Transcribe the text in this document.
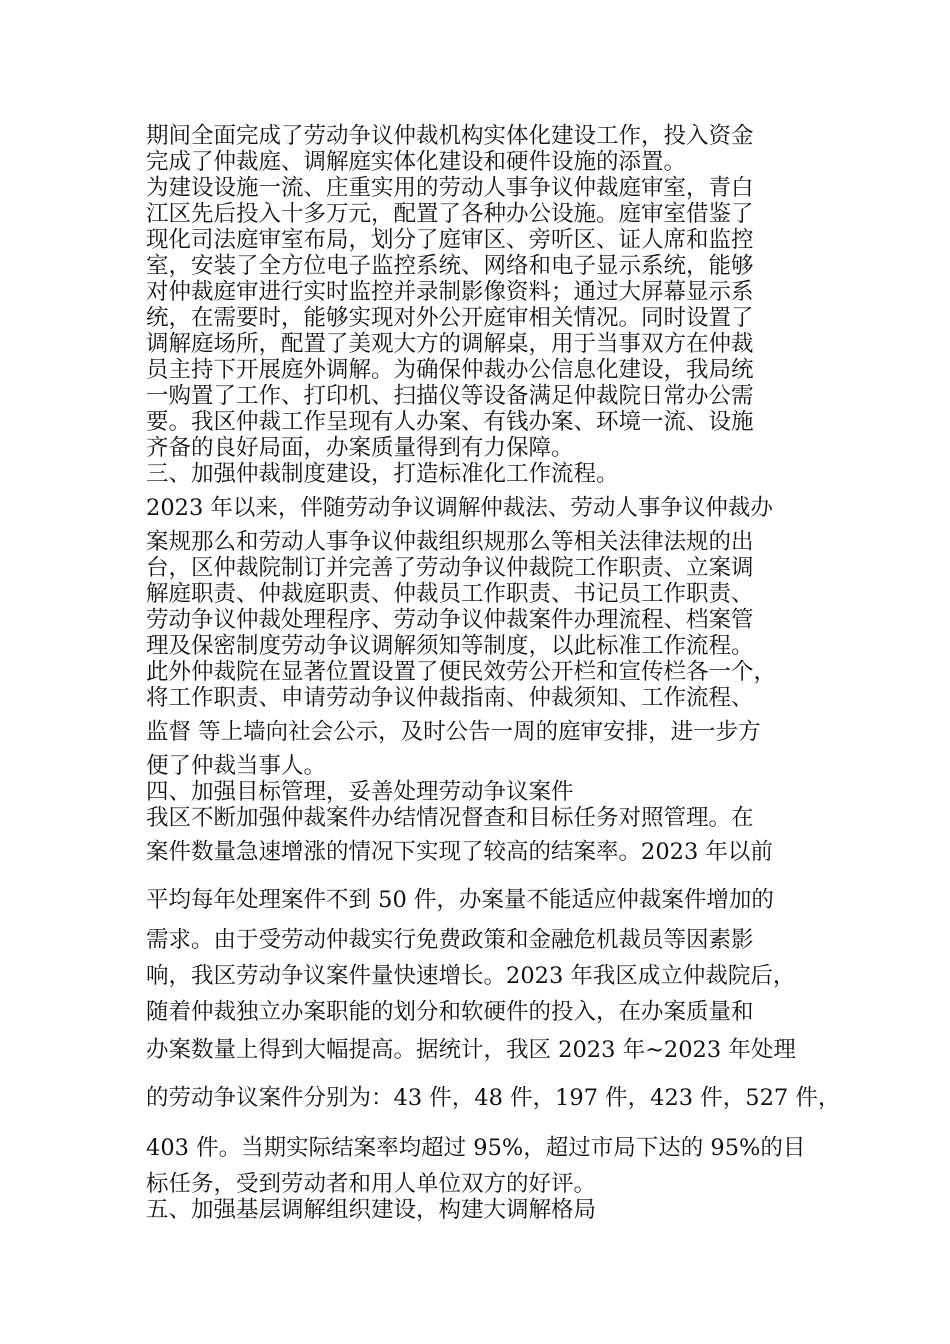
期间全面完成了劳动争议仲裁机构实体化建设工作，投入资金
完成了仲裁庭、调解庭实体化建设和硬件设施的添置。
为建设设施一流、庄重实用的劳动人事争议仲裁庭审室，青白
江区先后投入十多万元，配置了各种办公设施。庭审室借鉴了
现化司法庭审室布局，划分了庭审区、旁听区、证人席和监控
室，安装了全方位电子监控系统、网络和电子显示系统，能够
对仲裁庭审进行实时监控并录制影像资料；通过大屏幕显示系
统，在需要时，能够实现对外公开庭审相关情况。同时设置了
调解庭场所，配置了美观大方的调解桌，用于当事双方在仲裁
员主持下开展庭外调解。为确保仲裁办公信息化建设，我局统
一购置了工作、打印机、扫描仪等设备满足仲裁院日常办公需
要。我区仲裁工作呈现有人办案、有钱办案、环境一流、设施
齐备的良好局面，办案质量得到有力保障。
三、加强仲裁制度建设，打造标准化工作流程。
2023 年以来，伴随劳动争议调解仲裁法、劳动人事争议仲裁办
案规那么和劳动人事争议仲裁组织规那么等相关法律法规的出
台，区仲裁院制订并完善了劳动争议仲裁院工作职责、立案调
解庭职责、仲裁庭职责、仲裁员工作职责、书记员工作职责、
劳动争议仲裁处理程序、劳动争议仲裁案件办理流程、档案管
理及保密制度劳动争议调解须知等制度，以此标准工作流程。
此外仲裁院在显著位置设置了便民效劳公开栏和宣传栏各一个，
将工作职责、申请劳动争议仲裁指南、仲裁须知、工作流程、
监督 等上墙向社会公示，及时公告一周的庭审安排，进一步方
便了仲裁当事人。
四、加强目标管理，妥善处理劳动争议案件
我区不断加强仲裁案件办结情况督查和目标任务对照管理。在
案件数量急速增涨的情况下实现了较高的结案率。2023 年以前
平均每年处理案件不到 50 件，办案量不能适应仲裁案件增加的
需求。由于受劳动仲裁实行免费政策和金融危机裁员等因素影
响，我区劳动争议案件量快速增长。2023 年我区成立仲裁院后，
随着仲裁独立办案职能的划分和软硬件的投入，在办案质量和
办案数量上得到大幅提高。据统计，我区 2023 年~2023 年处理
的劳动争议案件分别为：43 件，48 件，197 件，423 件，527 件，
403 件。当期实际结案率均超过 95%，超过市局下达的 95%的目
标任务，受到劳动者和用人单位双方的好评。
五、加强基层调解组织建设，构建大调解格局
